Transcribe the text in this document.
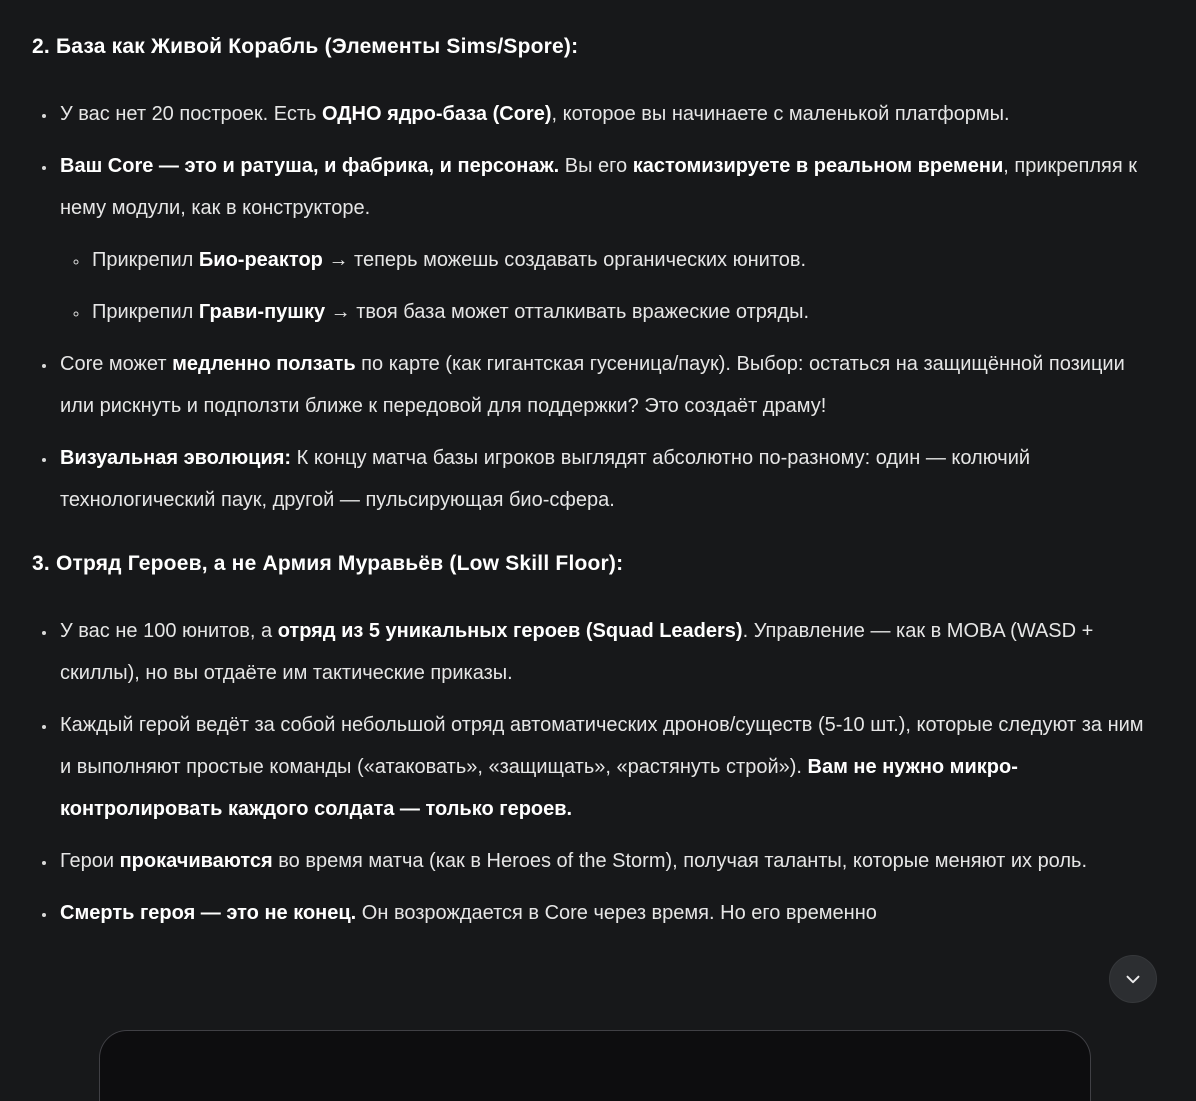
2. База как Живой Корабль (Элементы Sims/Spore):
• У вас нет 20 построек. Есть ОДНО ядро-база (Core), которое вы начинаете с маленькой платформы.
• Ваш Core — это и ратуша, и фабрика, и персонаж. Вы его кастомизируете в реальном времени, прикрепляя к нему модули, как в конструкторе.
◦ Прикрепил Био-реактор → теперь можешь создавать органических юнитов.
◦ Прикрепил Грави-пушку → твоя база может отталкивать вражеские отряды.
• Core может медленно ползать по карте (как гигантская гусеница/паук). Выбор: остаться на защищённой позиции или рискнуть и подползти ближе к передовой для поддержки? Это создаёт драму!
• Визуальная эволюция: К концу матча базы игроков выглядят абсолютно по-разному: один — колючий технологический паук, другой — пульсирующая био-сфера.
3. Отряд Героев, а не Армия Муравьёв (Low Skill Floor):
• У вас не 100 юнитов, а отряд из 5 уникальных героев (Squad Leaders). Управление — как в MOBA (WASD + скиллы), но вы отдаёте им тактические приказы.
• Каждый герой ведёт за собой небольшой отряд автоматических дронов/существ (5-10 шт.), которые следуют за ним и выполняют простые команды («атаковать», «защищать», «растянуть строй»). Вам не нужно микро-контролировать каждого солдата — только героев.
• Герои прокачиваются во время матча (как в Heroes of the Storm), получая таланты, которые меняют их роль.
• Смерть героя — это не конец. Он возрождается в Core через время. Но его временно
